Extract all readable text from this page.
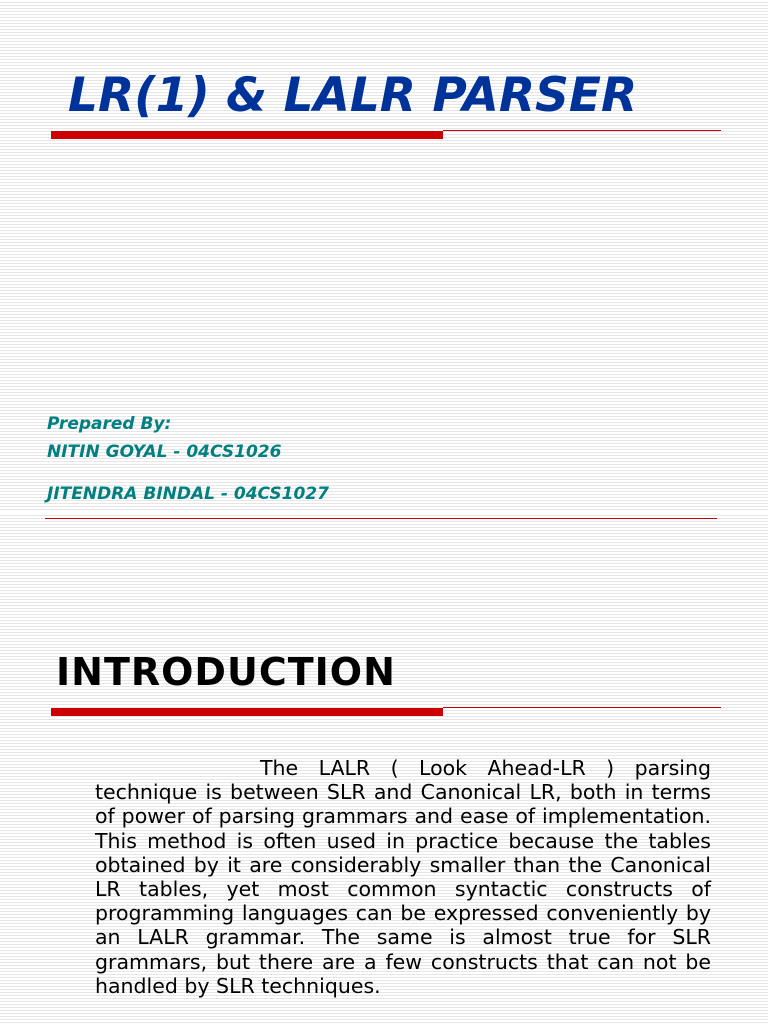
LR(1) & LALR PARSER

Prepared By:

NITIN GOYAL - 04CS1026

JITENDRA BINDAL - 04CS1027

INTRODUCTION

The LALR ( Look Ahead-LR ) parsing technique is between SLR and Canonical LR, both in terms of power of parsing grammars and ease of implementation. This method is often used in practice because the tables obtained by it are considerably smaller than the Canonical LR tables, yet most common syntactic constructs of programming languages can be expressed conveniently by an LALR grammar. The same is almost true for SLR grammars, but there are a few constructs that can not be handled by SLR techniques.
